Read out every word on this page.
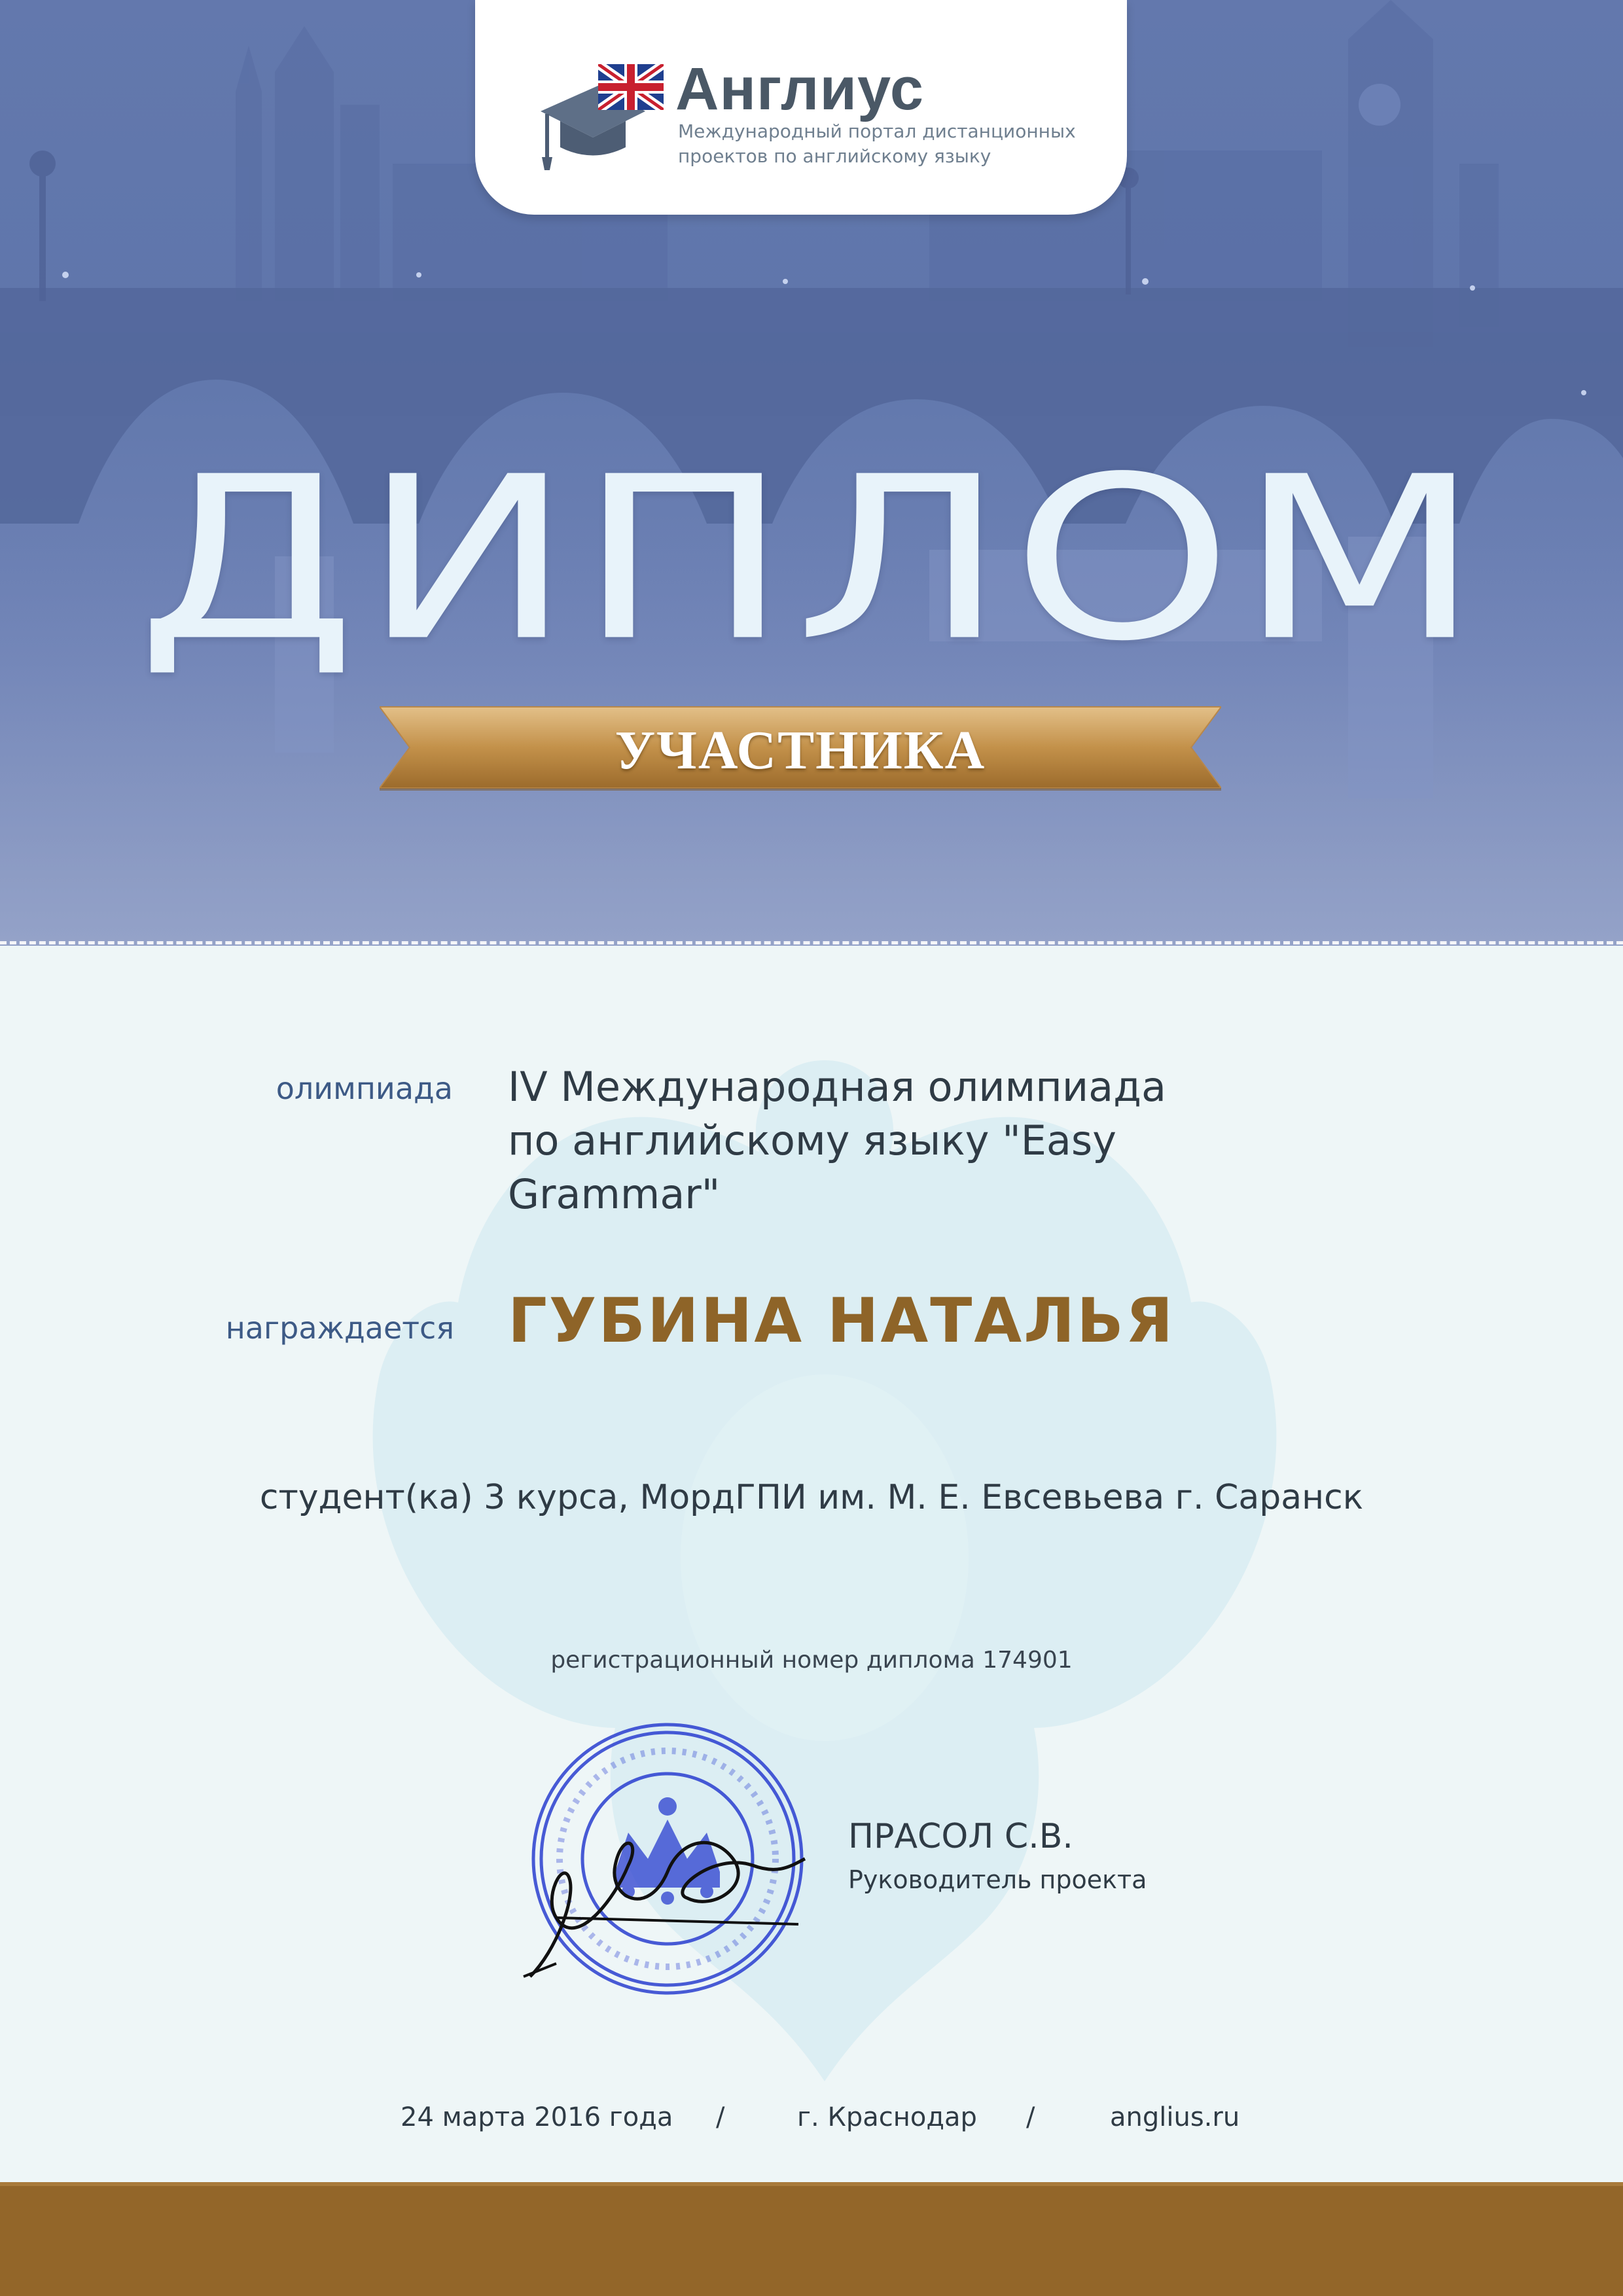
Англиус
Международный портал дистанционных
проектов по английскому языку
ДИПЛОМ
УЧАСТНИКА
олимпиада IV Международная олимпиада
по английскому языку "Easy
Grammar"
награждается ГУБИНА НАТАЛЬЯ
студент(ка) 3 курса, МордГПИ им. М. Е. Евсевьева г. Саранск
регистрационный номер диплома 174901
ПРАСОЛ С.В.
Руководитель проекта
24 марта 2016 года /	г. Краснодар /	anglius.ru
